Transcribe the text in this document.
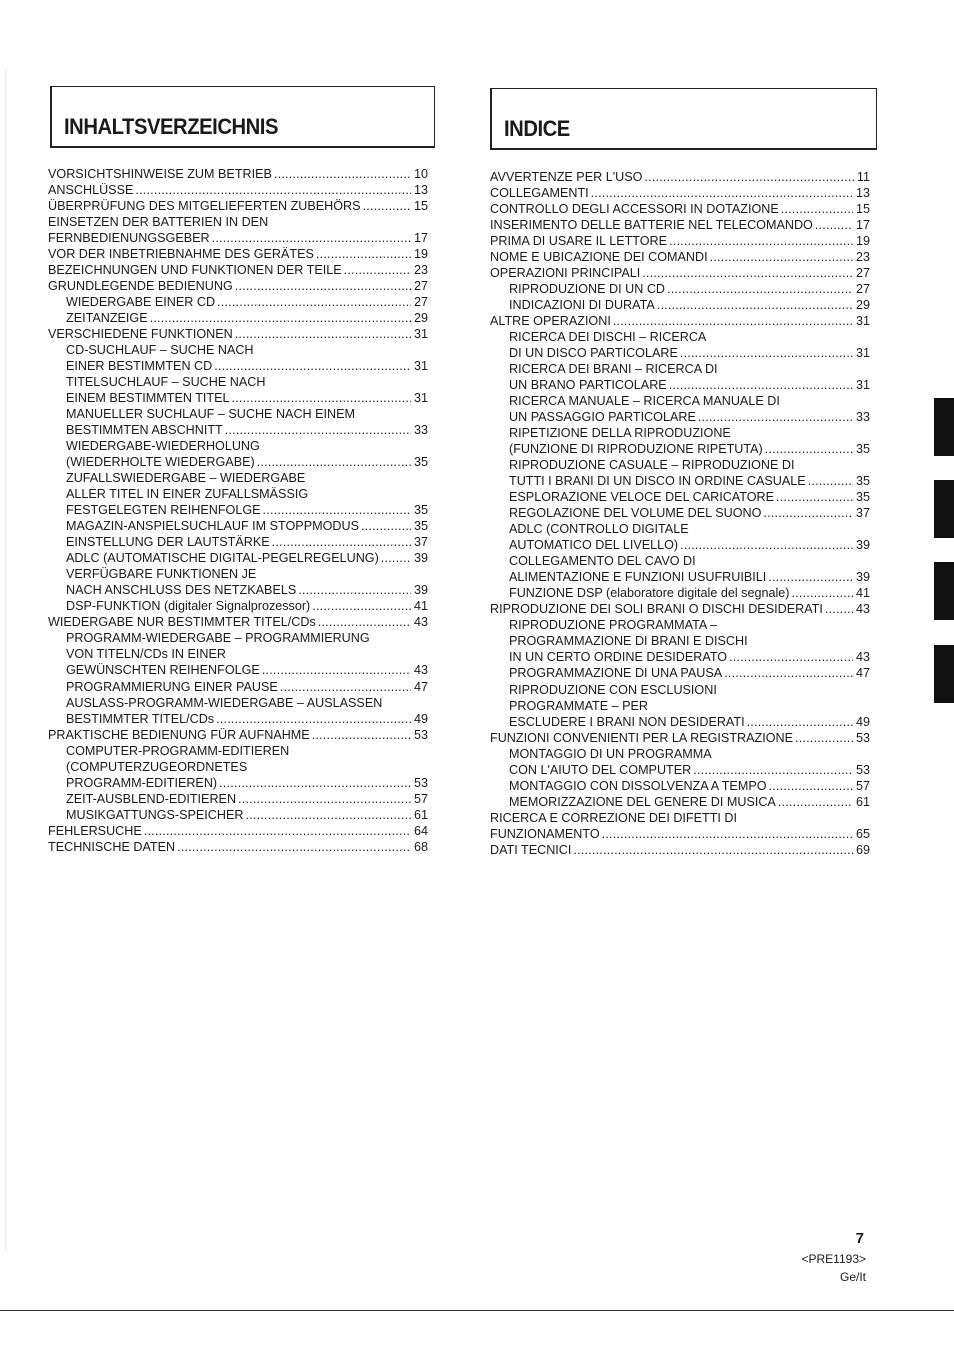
INHALTSVERZEICHNIS	INDICE
VORSICHTSHINWEISE ZUM BETRIEB .....	10
ANSCHLÜSSE .....	13
ÜBERPRÜFUNG DES MITGELIEFERTEN ZUBEHÖRS .....	15
EINSETZEN DER BATTERIEN IN DEN
FERNBEDIENUNGSGEBER .....	17
VOR DER INBETRIEBNAHME DES GERÄTES .....	19
BEZEICHNUNGEN UND FUNKTIONEN DER TEILE .....	23
GRUNDLEGENDE BEDIENUNG .....	27
WIEDERGABE EINER CD .....	27
ZEITANZEIGE .....	29
VERSCHIEDENE FUNKTIONEN .....	31
CD-SUCHLAUF – SUCHE NACH
EINER BESTIMMTEN CD .....	31
TITELSUCHLAUF – SUCHE NACH
EINEM BESTIMMTEN TITEL .....	31
MANUELLER SUCHLAUF – SUCHE NACH EINEM
BESTIMMTEN ABSCHNITT .....	33
WIEDERGABE-WIEDERHOLUNG
(WIEDERHOLTE WIEDERGABE) .....	35
ZUFALLSWIEDERGABE – WIEDERGABE
ALLER TITEL IN EINER ZUFALLSMÄSSIG
FESTGELEGTEN REIHENFOLGE .....	35
MAGAZIN-ANSPIELSUCHLAUF IM STOPPMODUS .....	35
EINSTELLUNG DER LAUTSTÄRKE .....	37
ADLC (AUTOMATISCHE DIGITAL-PEGELREGELUNG) .....	39
VERFÜGBARE FUNKTIONEN JE
NACH ANSCHLUSS DES NETZKABELS .....	39
DSP-FUNKTION (digitaler Signalprozessor) .....	41
WIEDERGABE NUR BESTIMMTER TITEL/CDs .....	43
PROGRAMM-WIEDERGABE – PROGRAMMIERUNG
VON TITELN/CDs IN EINER
GEWÜNSCHTEN REIHENFOLGE .....	43
PROGRAMMIERUNG EINER PAUSE .....	47
AUSLASS-PROGRAMM-WIEDERGABE – AUSLASSEN
BESTIMMTER TITEL/CDs .....	49
PRAKTISCHE BEDIENUNG FÜR AUFNAHME .....	53
COMPUTER-PROGRAMM-EDITIEREN
(COMPUTERZUGEORDNETES
PROGRAMM-EDITIEREN) .....	53
ZEIT-AUSBLEND-EDITIEREN .....	57
MUSIKGATTUNGS-SPEICHER .....	61
FEHLERSUCHE .....	64
TECHNISCHE DATEN .....	68
AVVERTENZE PER L'USO .....	11
COLLEGAMENTI .....	13
CONTROLLO DEGLI ACCESSORI IN DOTAZIONE .....	15
INSERIMENTO DELLE BATTERIE NEL TELECOMANDO .....	17
PRIMA DI USARE IL LETTORE .....	19
NOME E UBICAZIONE DEI COMANDI .....	23
OPERAZIONI PRINCIPALI .....	27
RIPRODUZIONE DI UN CD .....	27
INDICAZIONI DI DURATA .....	29
ALTRE OPERAZIONI .....	31
RICERCA DEI DISCHI – RICERCA
DI UN DISCO PARTICOLARE .....	31
RICERCA DEI BRANI – RICERCA DI
UN BRANO PARTICOLARE .....	31
RICERCA MANUALE – RICERCA MANUALE DI
UN PASSAGGIO PARTICOLARE .....	33
RIPETIZIONE DELLA RIPRODUZIONE
(FUNZIONE DI RIPRODUZIONE RIPETUTA) .....	35
RIPRODUZIONE CASUALE – RIPRODUZIONE DI
TUTTI I BRANI DI UN DISCO IN ORDINE CASUALE .....	35
ESPLORAZIONE VELOCE DEL CARICATORE .....	35
REGOLAZIONE DEL VOLUME DEL SUONO .....	37
ADLC (CONTROLLO DIGITALE
AUTOMATICO DEL LIVELLO) .....	39
COLLEGAMENTO DEL CAVO DI
ALIMENTAZIONE E FUNZIONI USUFRUIBILI .....	39
FUNZIONE DSP (elaboratore digitale del segnale) .....	41
RIPRODUZIONE DEI SOLI BRANI O DISCHI DESIDERATI .....	43
RIPRODUZIONE PROGRAMMATA –
PROGRAMMAZIONE DI BRANI E DISCHI
IN UN CERTO ORDINE DESIDERATO .....	43
PROGRAMMAZIONE DI UNA PAUSA .....	47
RIPRODUZIONE CON ESCLUSIONI
PROGRAMMATE – PER
ESCLUDERE I BRANI NON DESIDERATI .....	49
FUNZIONI CONVENIENTI PER LA REGISTRAZIONE .....	53
MONTAGGIO DI UN PROGRAMMA
CON L'AIUTO DEL COMPUTER .....	53
MONTAGGIO CON DISSOLVENZA A TEMPO .....	57
MEMORIZZAZIONE DEL GENERE DI MUSICA .....	61
RICERCA E CORREZIONE DEI DIFETTI DI
FUNZIONAMENTO .....	65
DATI TECNICI .....	69
7
<PRE1193>
Ge/It
